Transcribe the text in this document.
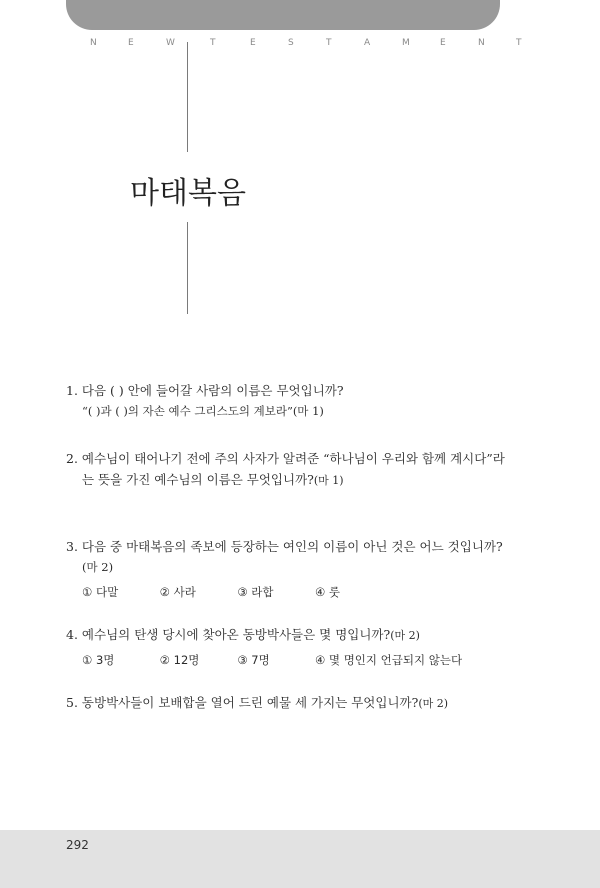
N	E	W	T	E	S	T	A	M	E	N	T
마태복음
1. 다음 ( ) 안에 들어갈 사람의 이름은 무엇입니까?
“( )과 ( )의 자손 예수 그리스도의 계보라”(마 1)
2. 예수님이 태어나기 전에 주의 사자가 알려준 “하나님이 우리와 함께 계시다”라
는 뜻을 가진 예수님의 이름은 무엇입니까?(마 1)
3. 다음 중 마태복음의 족보에 등장하는 여인의 이름이 아닌 것은 어느 것입니까?
(마 2)
① 다말	② 사라	③ 라합	④ 룻
4. 예수님의 탄생 당시에 찾아온 동방박사들은 몇 명입니까?(마 2)
① 3명	② 12명	③ 7명	④ 몇 명인지 언급되지 않는다
5. 동방박사들이 보배합을 열어 드린 예물 세 가지는 무엇입니까?(마 2)
292
